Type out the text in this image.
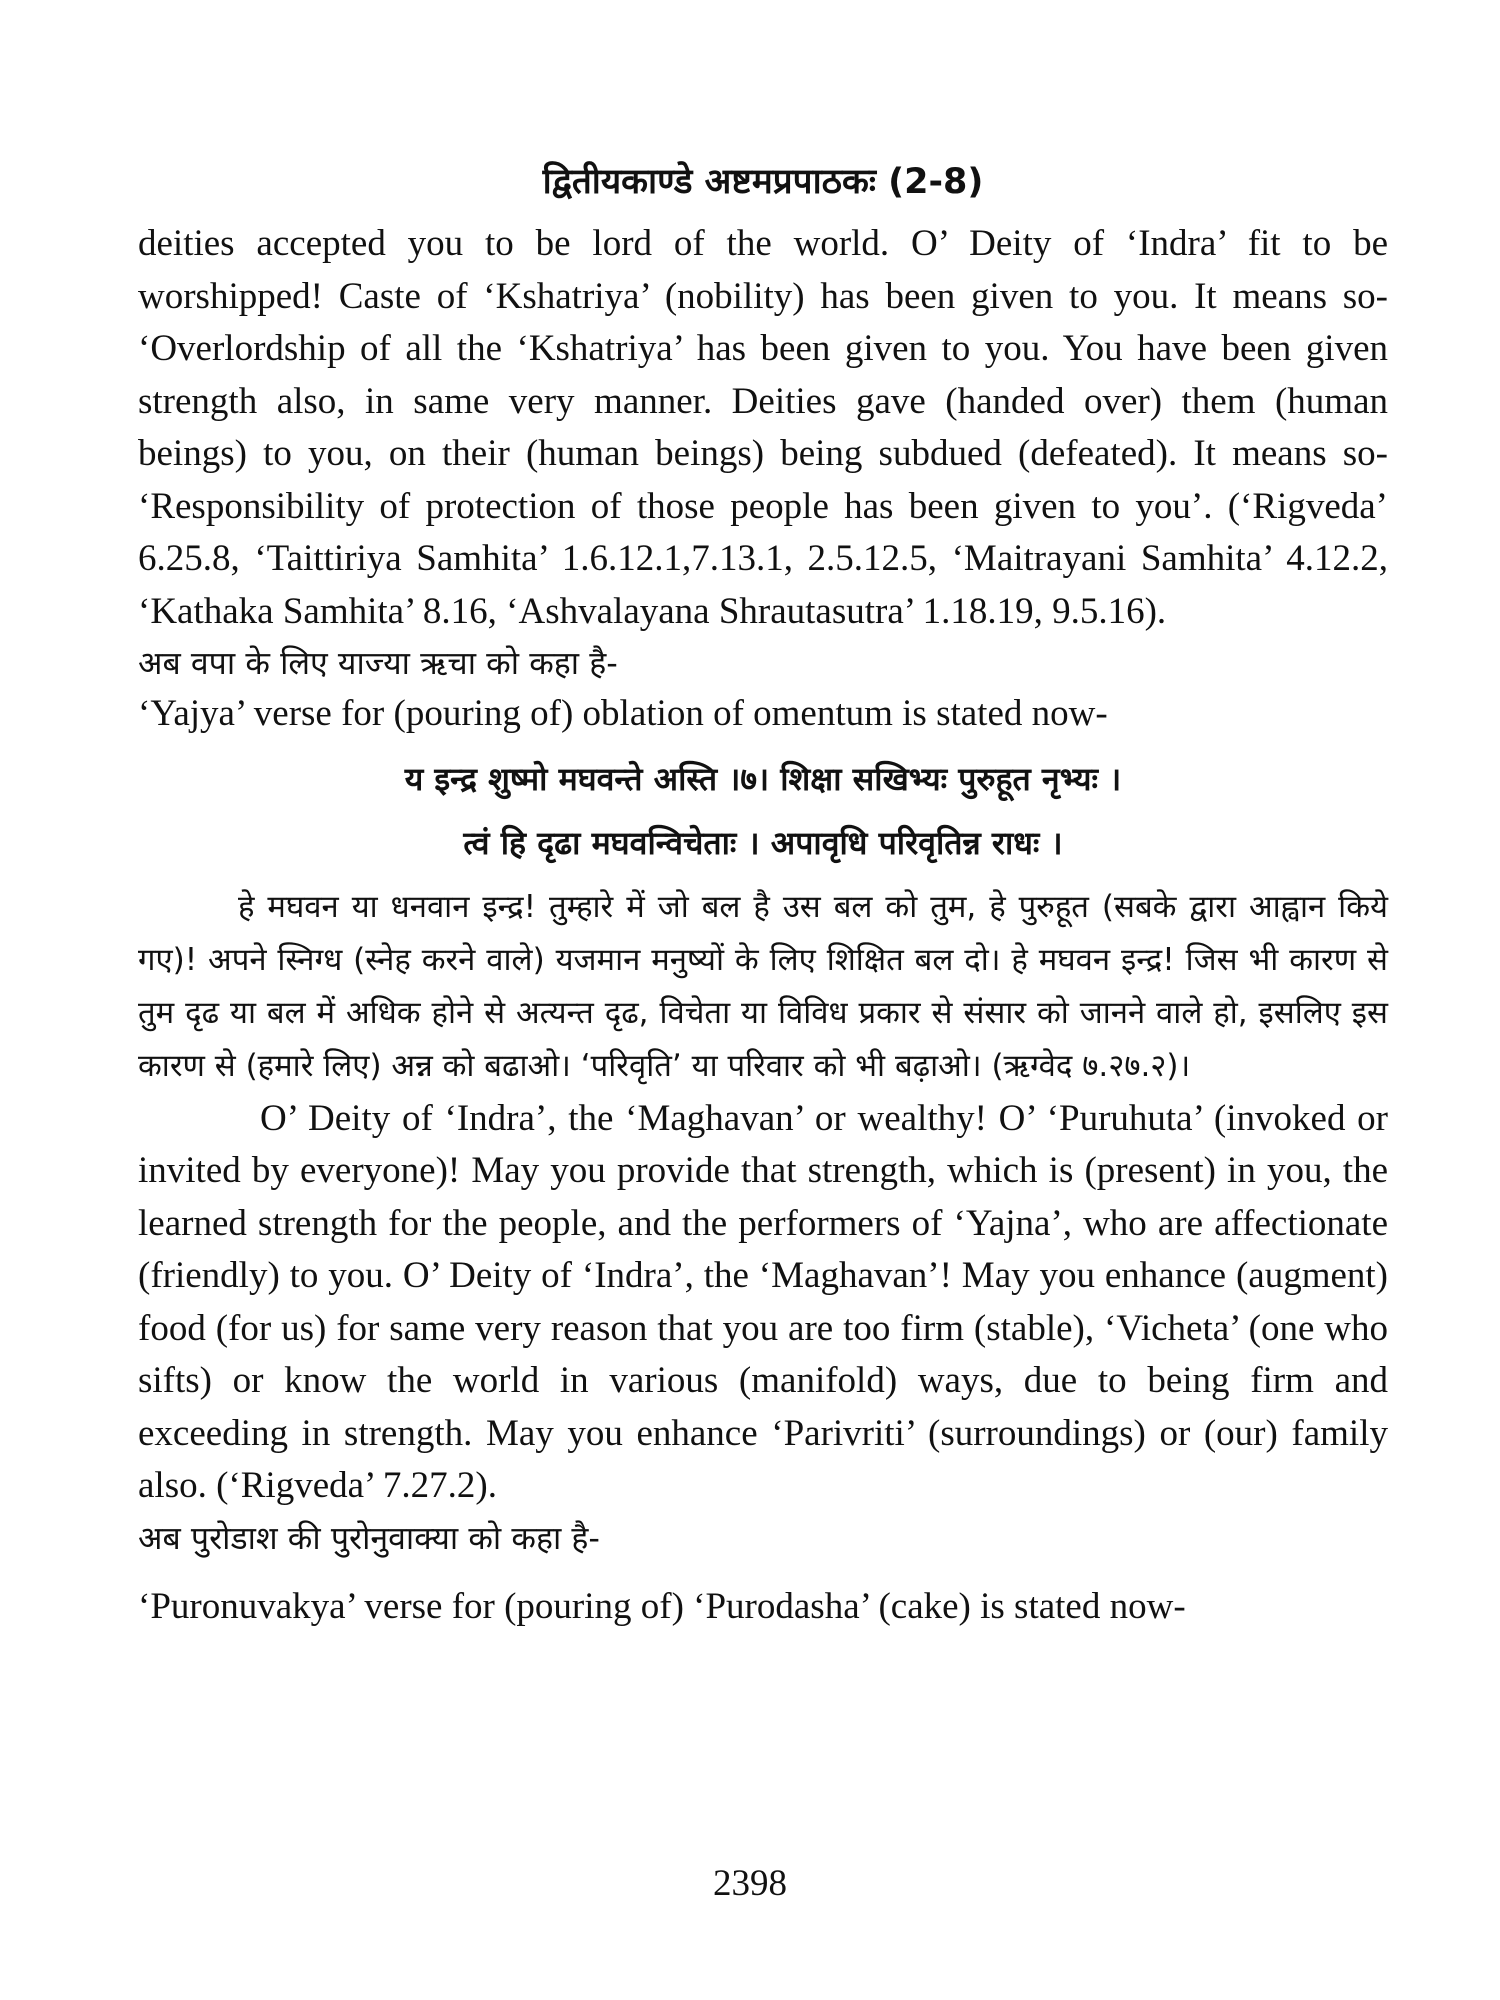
द्वितीयकाण्डे अष्टमप्रपाठकः (2-8)

deities accepted you to be lord of the world. O’ Deity of ‘Indra’ fit to be worshipped! Caste of ‘Kshatriya’ (nobility) has been given to you. It means so- ‘Overlordship of all the ‘Kshatriya’ has been given to you. You have been given strength also, in same very manner. Deities gave (handed over) them (human beings) to you, on their (human beings) being subdued (defeated). It means so- ‘Responsibility of protection of those people has been given to you’. (‘Rigveda’ 6.25.8, ‘Taittiriya Samhita’ 1.6.12.1,7.13.1, 2.5.12.5, ‘Maitrayani Samhita’ 4.12.2, ‘Kathaka Samhita’ 8.16, ‘Ashvalayana Shrautasutra’ 1.18.19, 9.5.16).

अब वपा के लिए याज्या ऋचा को कहा है-

‘Yajya’ verse for (pouring of) oblation of omentum is stated now-

य इन्द्र शुष्मो मघवन्ते अस्ति ।७। शिक्षा सखिभ्यः पुरुहूत नृभ्यः ।

त्वं हि दृढा मघवन्विचेताः । अपावृधि परिवृतिन्न राधः ।

हे मघवन या धनवान इन्द्र! तुम्हारे में जो बल है उस बल को तुम, हे पुरुहूत (सबके द्वारा आह्वान किये गए)! अपने स्निग्ध (स्नेह करने वाले) यजमान मनुष्यों के लिए शिक्षित बल दो। हे मघवन इन्द्र! जिस भी कारण से तुम दृढ या बल में अधिक होने से अत्यन्त दृढ, विचेता या विविध प्रकार से संसार को जानने वाले हो, इसलिए इस कारण से (हमारे लिए) अन्न को बढाओ। ‘परिवृति’ या परिवार को भी बढ़ाओ। (ऋग्वेद ७.२७.२)।

O’ Deity of ‘Indra’, the ‘Maghavan’ or wealthy! O’ ‘Puruhuta’ (invoked or invited by everyone)! May you provide that strength, which is (present) in you, the learned strength for the people, and the performers of ‘Yajna’, who are affectionate (friendly) to you. O’ Deity of ‘Indra’, the ‘Maghavan’! May you enhance (augment) food (for us) for same very reason that you are too firm (stable), ‘Vicheta’ (one who sifts) or know the world in various (manifold) ways, due to being firm and exceeding in strength. May you enhance ‘Parivriti’ (surroundings) or (our) family also. (‘Rigveda’ 7.27.2).

अब पुरोडाश की पुरोनुवाक्या को कहा है-

‘Puronuvakya’ verse for (pouring of) ‘Purodasha’ (cake) is stated now-

2398
